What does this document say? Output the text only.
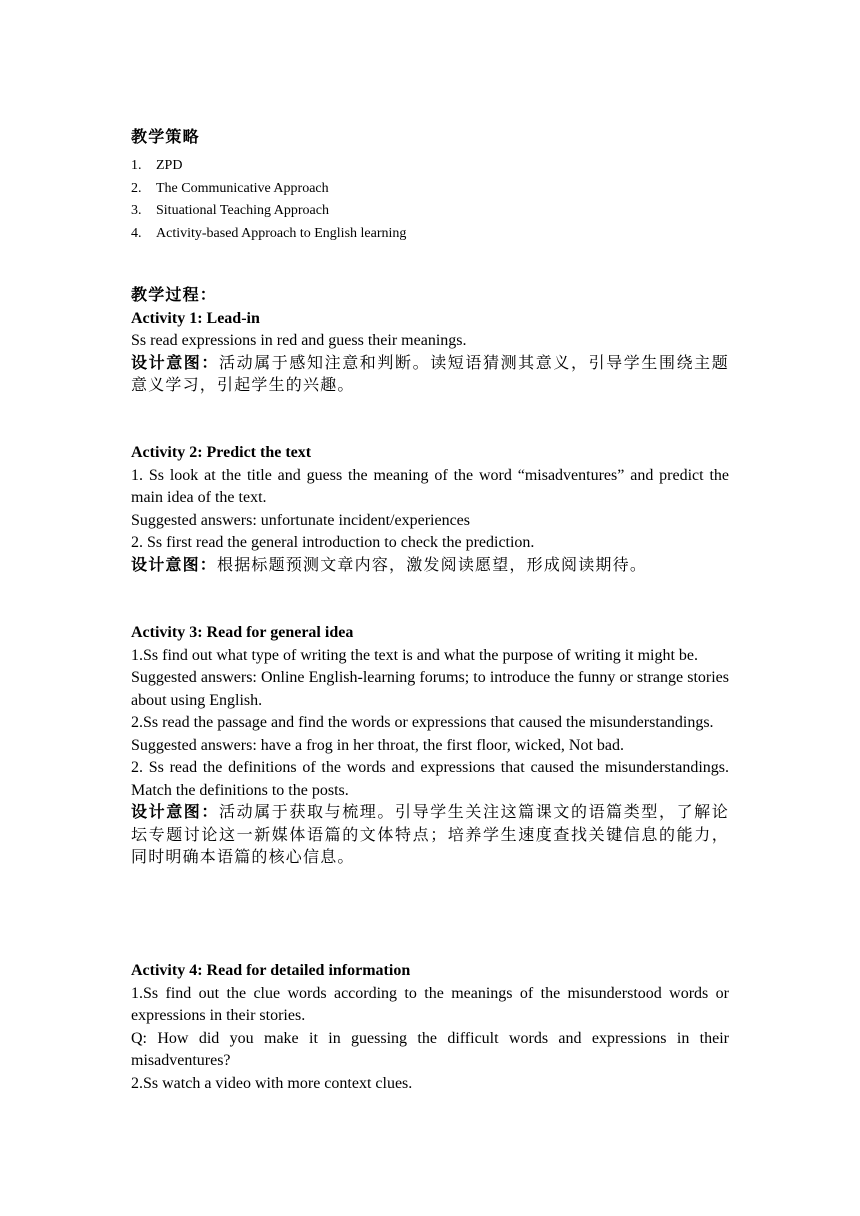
教学策略

1.	ZPD
2.	The Communicative Approach
3.	Situational Teaching Approach
4.	Activity-based Approach to English learning

教学过程：

Activity 1: Lead-in

Ss read expressions in red and guess their meanings.

设计意图：活动属于感知注意和判断。读短语猜测其意义，引导学生围绕主题意义学习，引起学生的兴趣。

Activity 2: Predict the text

1. Ss look at the title and guess the meaning of the word “misadventures” and predict the main idea of the text.

Suggested answers: unfortunate incident/experiences

2. Ss first read the general introduction to check the prediction.

设计意图：根据标题预测文章内容，激发阅读愿望，形成阅读期待。

Activity 3: Read for general idea

1.Ss find out what type of writing the text is and what the purpose of writing it might be.

Suggested answers: Online English-learning forums; to introduce the funny or strange stories about using English.

2.Ss read the passage and find the words or expressions that caused the misunderstandings.

Suggested answers: have a frog in her throat, the first floor, wicked, Not bad.

2. Ss read the definitions of the words and expressions that caused the misunderstandings. Match the definitions to the posts.

设计意图：活动属于获取与梳理。引导学生关注这篇课文的语篇类型，了解论坛专题讨论这一新媒体语篇的文体特点；培养学生速度查找关键信息的能力，同时明确本语篇的核心信息。

Activity 4: Read for detailed information

1.Ss find out the clue words according to the meanings of the misunderstood words or expressions in their stories.

Q: How did you make it in guessing the difficult words and expressions in their misadventures?

2.Ss watch a video with more context clues.
